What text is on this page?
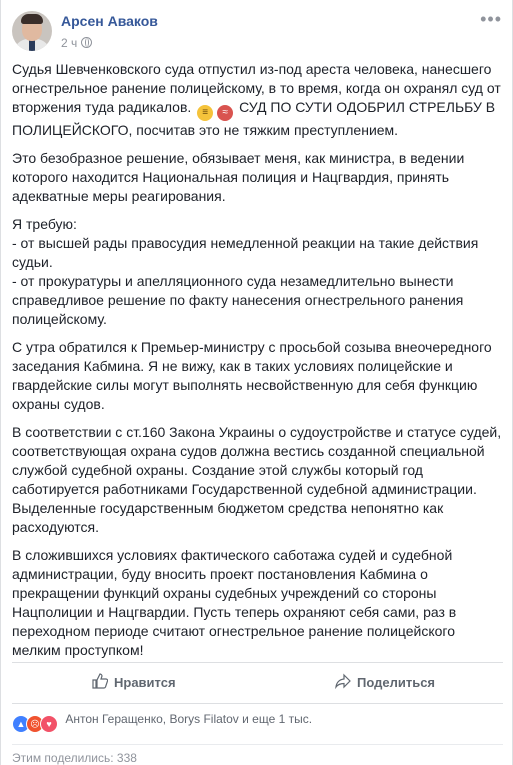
Арсен Аваков
2 ч
•••

Судья Шевченковского суда отпустил из-под ареста человека, нанесшего огнестрельное ранение полицейскому, в то время, когда он охранял суд от вторжения туда радикалов. ≡ ≈ СУД ПО СУТИ ОДОБРИЛ СТРЕЛЬБУ В ПОЛИЦЕЙСКОГО, посчитав это не тяжким преступлением.

Это безобразное решение, обязывает меня, как министра, в ведении которого находится Национальная полиция и Нацгвардия, принять адекватные меры реагирования.

Я требую:
- от высшей рады правосудия немедленной реакции на такие действия судьи.
- от прокуратуры и апелляционного суда незамедлительно вынести справедливое решение по факту нанесения огнестрельного ранения полицейскому.

С утра обратился к Премьер-министру с просьбой созыва внеочередного заседания Кабмина. Я не вижу, как в таких условиях полицейские и гвардейские силы могут выполнять несвойственную для себя функцию охраны судов.

В соответствии с ст.160 Закона Украины о судоустройстве и статусе судей, соответствующая охрана судов должна вестись созданной специальной службой судебной охраны. Создание этой службы который год саботируется работниками Государственной судебной администрации. Выделенные государственным бюджетом средства непонятно как расходуются.

В сложившихся условиях фактического саботажа судей и судебной администрации, буду вносить проект постановления Кабмина о прекращении функций охраны судебных учреждений со стороны Нацполиции и Нацгвардии. Пусть теперь охраняют себя сами, раз в переходном периоде считают огнестрельное ранение полицейского мелким проступком!

Нравится	Поделиться
▲ ☹ ♥ Антон Геращенко, Borys Filatov и еще 1 тыс.
Этим поделились: 338
